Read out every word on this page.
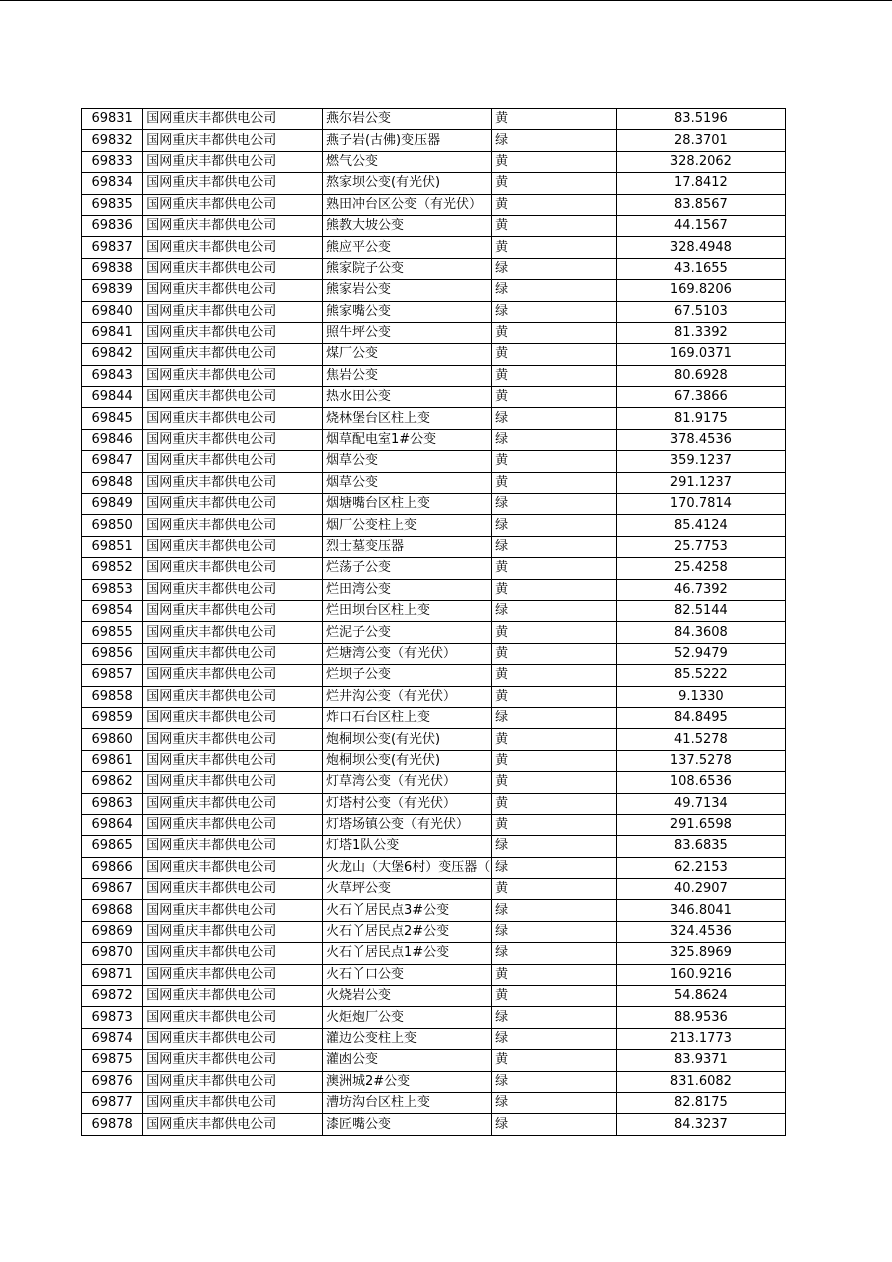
69831	国网重庆丰都供电公司	燕尔岩公变	黄	83.5196
69832	国网重庆丰都供电公司	燕子岩(古佛)变压器	绿	28.3701
69833	国网重庆丰都供电公司	燃气公变	黄	328.2062
69834	国网重庆丰都供电公司	熬家坝公变(有光伏)	黄	17.8412
69835	国网重庆丰都供电公司	熟田冲台区公变（有光伏）	黄	83.8567
69836	国网重庆丰都供电公司	熊教大坡公变	黄	44.1567
69837	国网重庆丰都供电公司	熊应平公变	黄	328.4948
69838	国网重庆丰都供电公司	熊家院子公变	绿	43.1655
69839	国网重庆丰都供电公司	熊家岩公变	绿	169.8206
69840	国网重庆丰都供电公司	熊家嘴公变	绿	67.5103
69841	国网重庆丰都供电公司	照牛坪公变	黄	81.3392
69842	国网重庆丰都供电公司	煤厂公变	黄	169.0371
69843	国网重庆丰都供电公司	焦岩公变	黄	80.6928
69844	国网重庆丰都供电公司	热水田公变	黄	67.3866
69845	国网重庆丰都供电公司	烧林堡台区柱上变	绿	81.9175
69846	国网重庆丰都供电公司	烟草配电室1#公变	绿	378.4536
69847	国网重庆丰都供电公司	烟草公变	黄	359.1237
69848	国网重庆丰都供电公司	烟草公变	黄	291.1237
69849	国网重庆丰都供电公司	烟塘嘴台区柱上变	绿	170.7814
69850	国网重庆丰都供电公司	烟厂公变柱上变	绿	85.4124
69851	国网重庆丰都供电公司	烈士墓变压器	绿	25.7753
69852	国网重庆丰都供电公司	烂荡子公变	黄	25.4258
69853	国网重庆丰都供电公司	烂田湾公变	黄	46.7392
69854	国网重庆丰都供电公司	烂田坝台区柱上变	绿	82.5144
69855	国网重庆丰都供电公司	烂泥子公变	黄	84.3608
69856	国网重庆丰都供电公司	烂塘湾公变（有光伏）	黄	52.9479
69857	国网重庆丰都供电公司	烂坝子公变	黄	85.5222
69858	国网重庆丰都供电公司	烂井沟公变（有光伏）	黄	9.1330
69859	国网重庆丰都供电公司	炸口石台区柱上变	绿	84.8495
69860	国网重庆丰都供电公司	炮桐坝公变(有光伏)	黄	41.5278
69861	国网重庆丰都供电公司	炮桐坝公变(有光伏)	黄	137.5278
69862	国网重庆丰都供电公司	灯草湾公变（有光伏）	黄	108.6536
69863	国网重庆丰都供电公司	灯塔村公变（有光伏）	黄	49.7134
69864	国网重庆丰都供电公司	灯塔场镇公变（有光伏）	黄	291.6598
69865	国网重庆丰都供电公司	灯塔1队公变	绿	83.6835
69866	国网重庆丰都供电公司	火龙山（大堡6村）变压器（	绿	62.2153
69867	国网重庆丰都供电公司	火草坪公变	黄	40.2907
69868	国网重庆丰都供电公司	火石丫居民点3#公变	绿	346.8041
69869	国网重庆丰都供电公司	火石丫居民点2#公变	绿	324.4536
69870	国网重庆丰都供电公司	火石丫居民点1#公变	绿	325.8969
69871	国网重庆丰都供电公司	火石丫口公变	黄	160.9216
69872	国网重庆丰都供电公司	火烧岩公变	黄	54.8624
69873	国网重庆丰都供电公司	火炬炮厂公变	绿	88.9536
69874	国网重庆丰都供电公司	灌边公变柱上变	绿	213.1773
69875	国网重庆丰都供电公司	灌凼公变	黄	83.9371
69876	国网重庆丰都供电公司	澳洲城2#公变	绿	831.6082
69877	国网重庆丰都供电公司	漕坊沟台区柱上变	绿	82.8175
69878	国网重庆丰都供电公司	漆匠嘴公变	绿	84.3237
